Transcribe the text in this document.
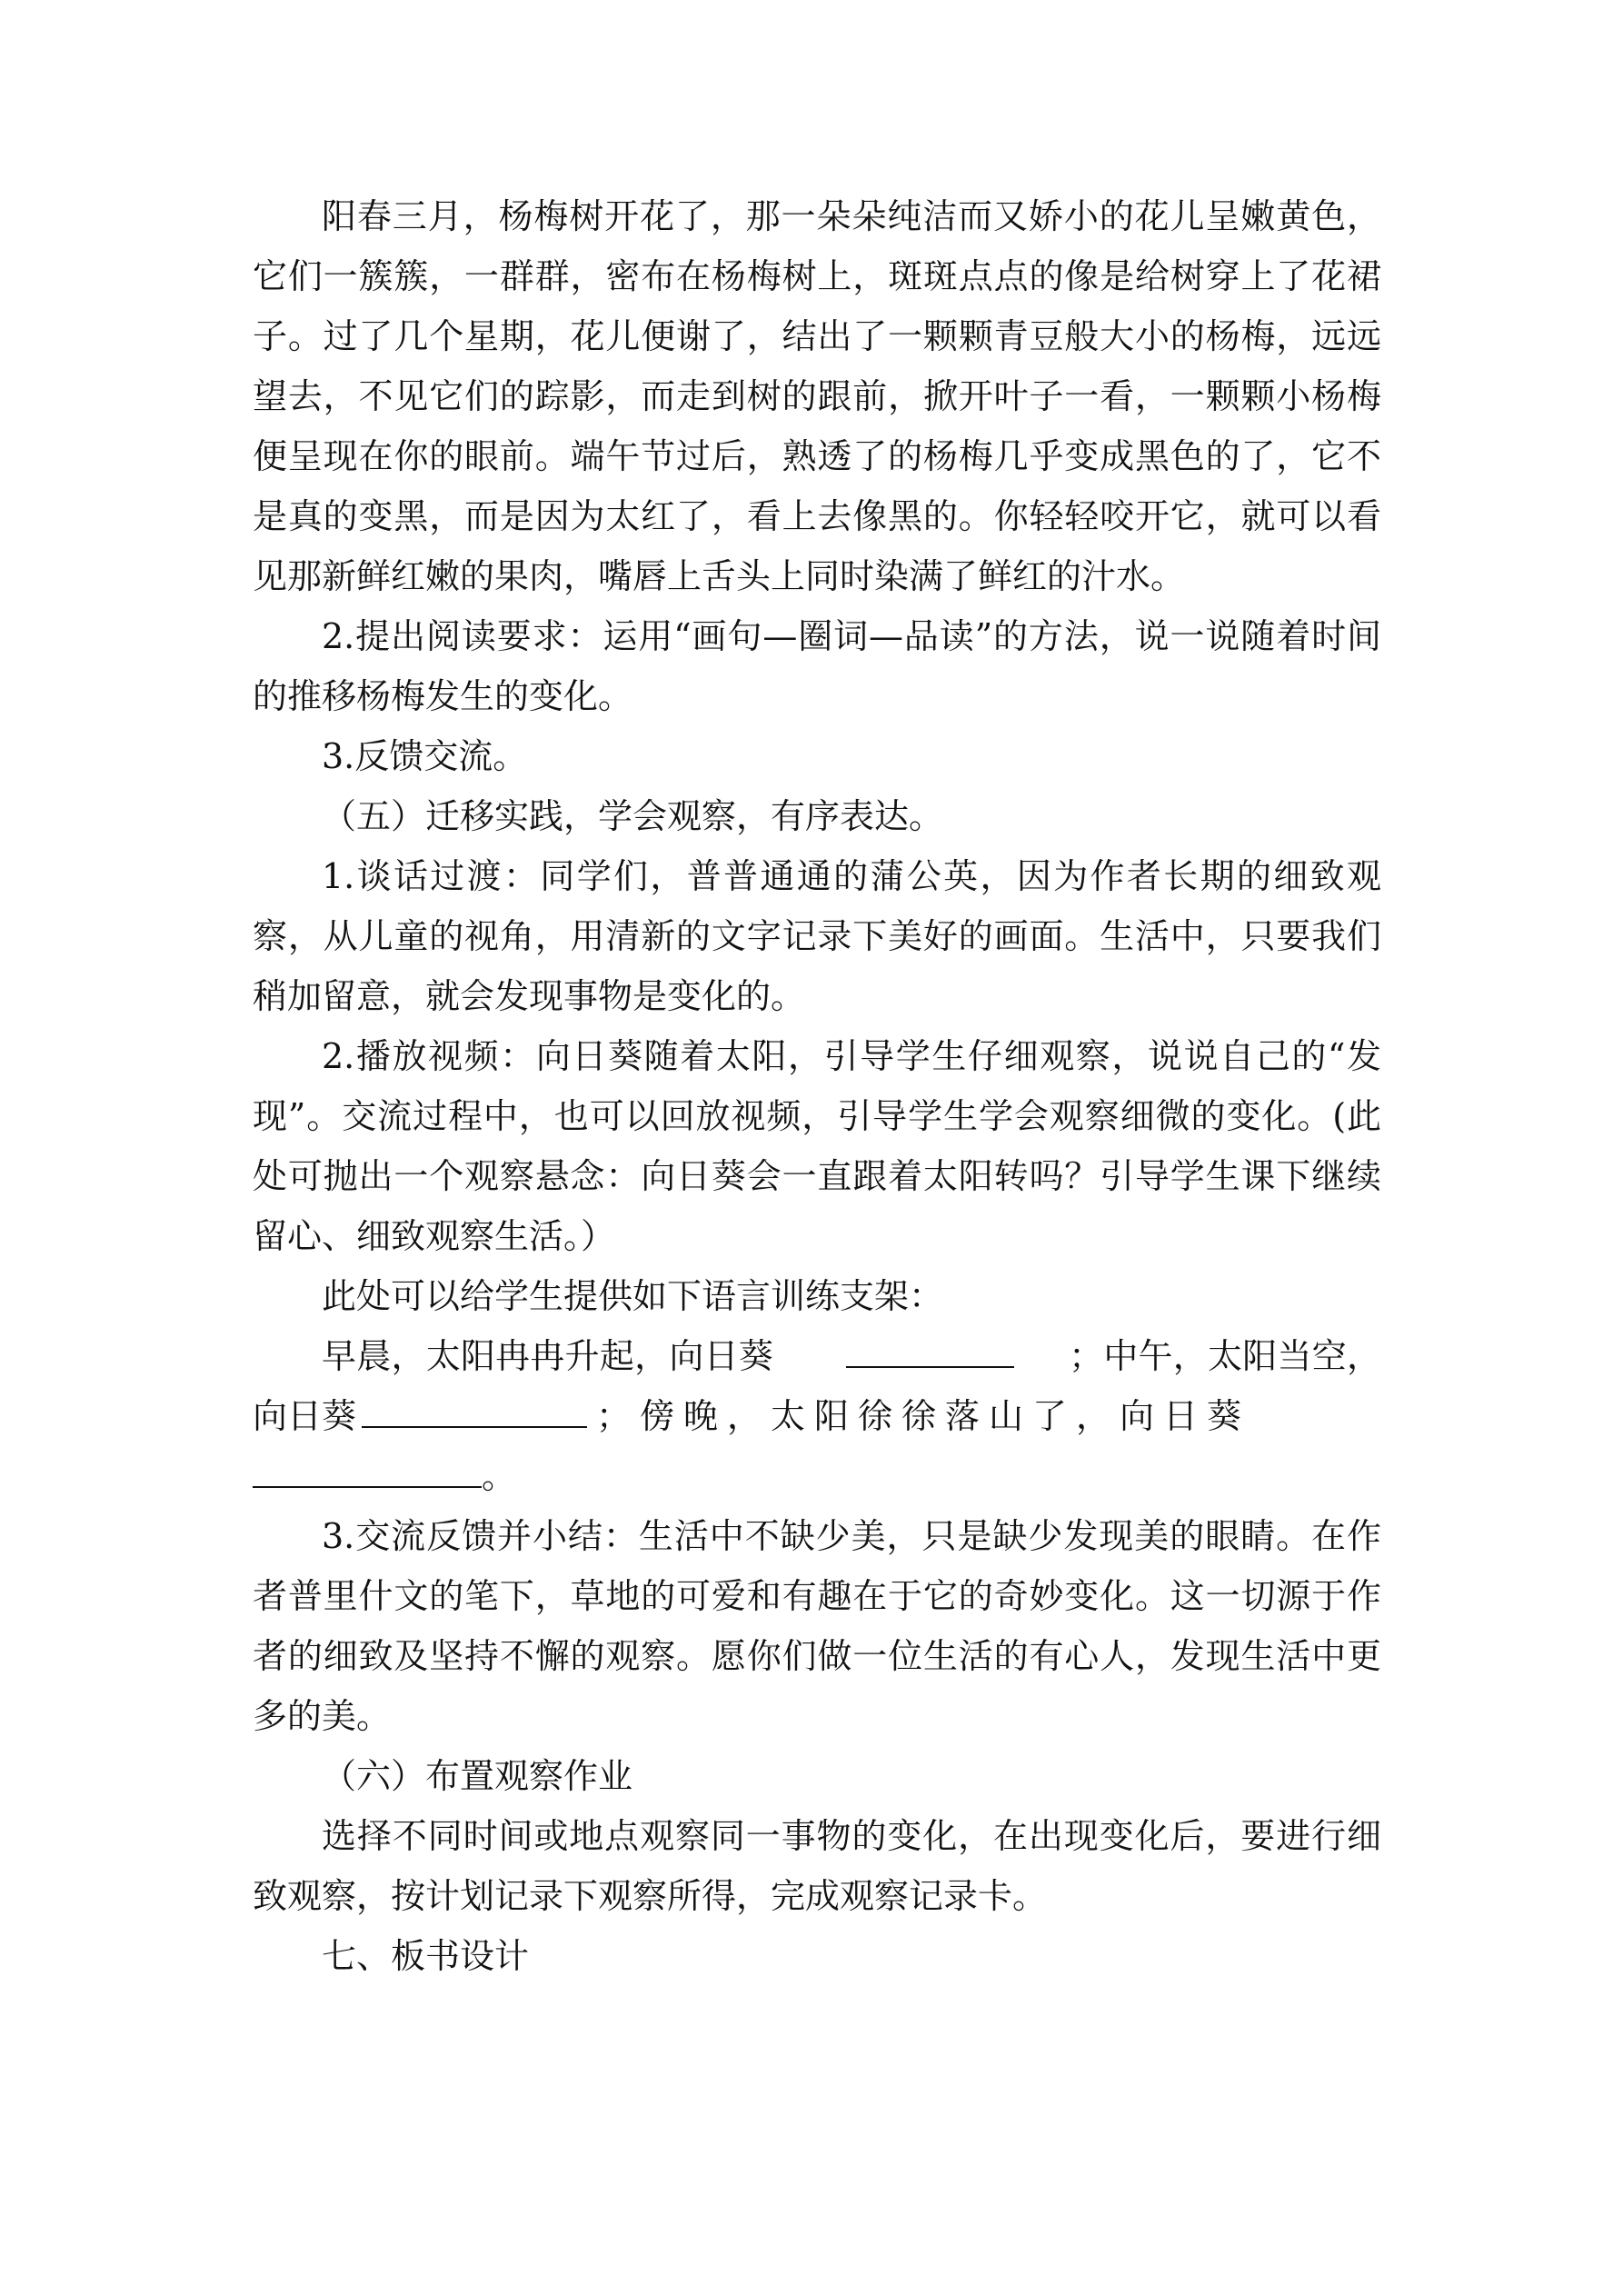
阳春三月，杨梅树开花了，那一朵朵纯洁而又娇小的花儿呈嫩黄色，它们一簇簇，一群群，密布在杨梅树上，斑斑点点的像是给树穿上了花裙子。过了几个星期，花儿便谢了，结出了一颗颗青豆般大小的杨梅，远远望去，不见它们的踪影，而走到树的跟前，掀开叶子一看，一颗颗小杨梅便呈现在你的眼前。端午节过后，熟透了的杨梅几乎变成黑色的了，它不是真的变黑，而是因为太红了，看上去像黑的。你轻轻咬开它，就可以看见那新鲜红嫩的果肉，嘴唇上舌头上同时染满了鲜红的汁水。

2.提出阅读要求：运用“画句—圈词—品读”的方法，说一说随着时间的推移杨梅发生的变化。

3.反馈交流。

（五）迁移实践，学会观察，有序表达。

1.谈话过渡：同学们，普普通通的蒲公英，因为作者长期的细致观察，从儿童的视角，用清新的文字记录下美好的画面。生活中，只要我们稍加留意，就会发现事物是变化的。

2.播放视频：向日葵随着太阳，引导学生仔细观察，说说自己的“发现”。交流过程中，也可以回放视频，引导学生学会观察细微的变化。(此处可抛出一个观察悬念：向日葵会一直跟着太阳转吗？引导学生课下继续留心、细致观察生活。）

此处可以给学生提供如下语言训练支架：

早晨，太阳冉冉升起，向日葵	；中午，太阳当空，向日葵	；傍晚，太阳徐徐落山了，向日葵
。

3.交流反馈并小结：生活中不缺少美，只是缺少发现美的眼睛。在作者普里什文的笔下，草地的可爱和有趣在于它的奇妙变化。这一切源于作者的细致及坚持不懈的观察。愿你们做一位生活的有心人，发现生活中更多的美。

（六）布置观察作业

选择不同时间或地点观察同一事物的变化，在出现变化后，要进行细致观察，按计划记录下观察所得，完成观察记录卡。

七、板书设计
